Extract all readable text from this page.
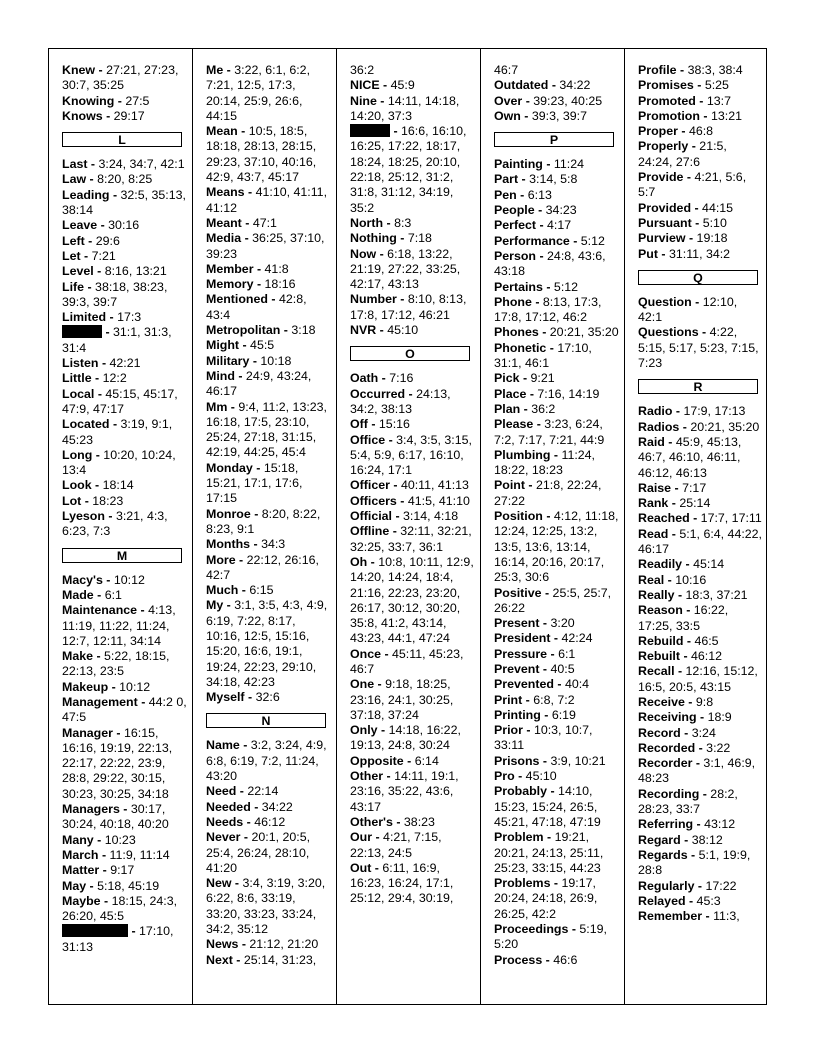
Knew - 27:21, 27:23, 30:7, 35:25

Knowing - 27:5

Knows - 29:17

L

Last - 3:24, 34:7, 42:1

Law - 8:20, 8:25

Leading - 32:5, 35:13, 38:14

Leave - 30:16

Left - 29:6

Let - 7:21

Level - 8:16, 13:21

Life - 38:18, 38:23, 39:3, 39:7

Limited - 17:3

- 31:1, 31:3, 31:4

Listen - 42:21

Little - 12:2

Local - 45:15, 45:17, 47:9, 47:17

Located - 3:19, 9:1, 45:23

Long - 10:20, 10:24, 13:4

Look - 18:14

Lot - 18:23

Lyeson - 3:21, 4:3, 6:23, 7:3

M

Macy's - 10:12

Made - 6:1

Maintenance - 4:13, 11:19, 11:22, 11:24, 12:7, 12:11, 34:14

Make - 5:22, 18:15, 22:13, 23:5

Makeup - 10:12

Management - 44:2 0, 47:5

Manager - 16:15, 16:16, 19:19, 22:13, 22:17, 22:22, 23:9, 28:8, 29:22, 30:15, 30:23, 30:25, 34:18

Managers - 30:17, 30:24, 40:18, 40:20

Many - 10:23

March - 11:9, 11:14

Matter - 9:17

May - 5:18, 45:19

Maybe - 18:15, 24:3, 26:20, 45:5

- 17:10, 31:13

Me - 3:22, 6:1, 6:2, 7:21, 12:5, 17:3, 20:14, 25:9, 26:6, 44:15

Mean - 10:5, 18:5, 18:18, 28:13, 28:15, 29:23, 37:10, 40:16, 42:9, 43:7, 45:17

Means - 41:10, 41:11, 41:12

Meant - 47:1

Media - 36:25, 37:10, 39:23

Member - 41:8

Memory - 18:16

Mentioned - 42:8, 43:4

Metropolitan - 3:18

Might - 45:5

Military - 10:18

Mind - 24:9, 43:24, 46:17

Mm - 9:4, 11:2, 13:23, 16:18, 17:5, 23:10, 25:24, 27:18, 31:15, 42:19, 44:25, 45:4

Monday - 15:18, 15:21, 17:1, 17:6, 17:15

Monroe - 8:20, 8:22, 8:23, 9:1

Months - 34:3

More - 22:12, 26:16, 42:7

Much - 6:15

My - 3:1, 3:5, 4:3, 4:9, 6:19, 7:22, 8:17, 10:16, 12:5, 15:16, 15:20, 16:6, 19:1, 19:24, 22:23, 29:10, 34:18, 42:23

Myself - 32:6

N

Name - 3:2, 3:24, 4:9, 6:8, 6:19, 7:2, 11:24, 43:20

Need - 22:14

Needed - 34:22

Needs - 46:12

Never - 20:1, 20:5, 25:4, 26:24, 28:10, 41:20

New - 3:4, 3:19, 3:20, 6:22, 8:6, 33:19, 33:20, 33:23, 33:24, 34:2, 35:12

News - 21:12, 21:20

Next - 25:14, 31:23,

36:2

NICE - 45:9

Nine - 14:11, 14:18, 14:20, 37:3

- 16:6, 16:10, 16:25, 17:22, 18:17, 18:24, 18:25, 20:10, 22:18, 25:12, 31:2, 31:8, 31:12, 34:19, 35:2

North - 8:3

Nothing - 7:18

Now - 6:18, 13:22, 21:19, 27:22, 33:25, 42:17, 43:13

Number - 8:10, 8:13, 17:8, 17:12, 46:21

NVR - 45:10

O

Oath - 7:16

Occurred - 24:13, 34:2, 38:13

Off - 15:16

Office - 3:4, 3:5, 3:15, 5:4, 5:9, 6:17, 16:10, 16:24, 17:1

Officer - 40:11, 41:13

Officers - 41:5, 41:10

Official - 3:14, 4:18

Offline - 32:11, 32:21, 32:25, 33:7, 36:1

Oh - 10:8, 10:11, 12:9, 14:20, 14:24, 18:4, 21:16, 22:23, 23:20, 26:17, 30:12, 30:20, 35:8, 41:2, 43:14, 43:23, 44:1, 47:24

Once - 45:11, 45:23, 46:7

One - 9:18, 18:25, 23:16, 24:1, 30:25, 37:18, 37:24

Only - 14:18, 16:22, 19:13, 24:8, 30:24

Opposite - 6:14

Other - 14:11, 19:1, 23:16, 35:22, 43:6, 43:17

Other's - 38:23

Our - 4:21, 7:15, 22:13, 24:5

Out - 6:11, 16:9, 16:23, 16:24, 17:1, 25:12, 29:4, 30:19,

46:7

Outdated - 34:22

Over - 39:23, 40:25

Own - 39:3, 39:7

P

Painting - 11:24

Part - 3:14, 5:8

Pen - 6:13

People - 34:23

Perfect - 4:17

Performance - 5:12

Person - 24:8, 43:6, 43:18

Pertains - 5:12

Phone - 8:13, 17:3, 17:8, 17:12, 46:2

Phones - 20:21, 35:20

Phonetic - 17:10, 31:1, 46:1

Pick - 9:21

Place - 7:16, 14:19

Plan - 36:2

Please - 3:23, 6:24, 7:2, 7:17, 7:21, 44:9

Plumbing - 11:24, 18:22, 18:23

Point - 21:8, 22:24, 27:22

Position - 4:12, 11:18, 12:24, 12:25, 13:2, 13:5, 13:6, 13:14, 16:14, 20:16, 20:17, 25:3, 30:6

Positive - 25:5, 25:7, 26:22

Present - 3:20

President - 42:24

Pressure - 6:1

Prevent - 40:5

Prevented - 40:4

Print - 6:8, 7:2

Printing - 6:19

Prior - 10:3, 10:7, 33:11

Prisons - 3:9, 10:21

Pro - 45:10

Probably - 14:10, 15:23, 15:24, 26:5, 45:21, 47:18, 47:19

Problem - 19:21, 20:21, 24:13, 25:11, 25:23, 33:15, 44:23

Problems - 19:17, 20:24, 24:18, 26:9, 26:25, 42:2

Proceedings - 5:19, 5:20

Process - 46:6

Profile - 38:3, 38:4

Promises - 5:25

Promoted - 13:7

Promotion - 13:21

Proper - 46:8

Properly - 21:5, 24:24, 27:6

Provide - 4:21, 5:6, 5:7

Provided - 44:15

Pursuant - 5:10

Purview - 19:18

Put - 31:11, 34:2

Q

Question - 12:10, 42:1

Questions - 4:22, 5:15, 5:17, 5:23, 7:15, 7:23

R

Radio - 17:9, 17:13

Radios - 20:21, 35:20

Raid - 45:9, 45:13, 46:7, 46:10, 46:11, 46:12, 46:13

Raise - 7:17

Rank - 25:14

Reached - 17:7, 17:11

Read - 5:1, 6:4, 44:22, 46:17

Readily - 45:14

Real - 10:16

Really - 18:3, 37:21

Reason - 16:22, 17:25, 33:5

Rebuild - 46:5

Rebuilt - 46:12

Recall - 12:16, 15:12, 16:5, 20:5, 43:15

Receive - 9:8

Receiving - 18:9

Record - 3:24

Recorded - 3:22

Recorder - 3:1, 46:9, 48:23

Recording - 28:2, 28:23, 33:7

Referring - 43:12

Regard - 38:12

Regards - 5:1, 19:9, 28:8

Regularly - 17:22

Relayed - 45:3

Remember - 11:3,
